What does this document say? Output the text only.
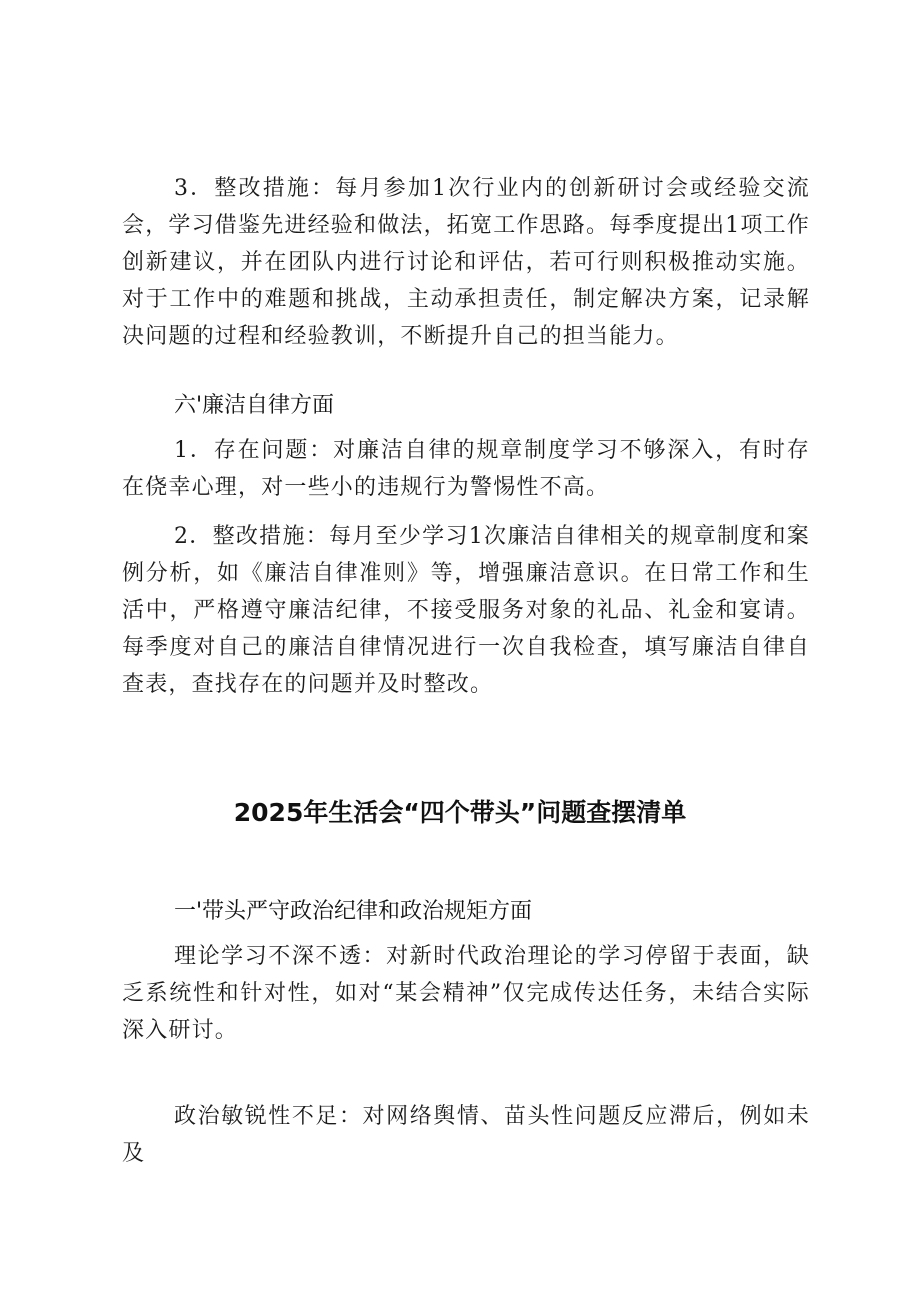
3．整改措施：每月参加1次行业内的创新研讨会或经验交流会，学习借鉴先进经验和做法，拓宽工作思路。每季度提出1项工作创新建议，并在团队内进行讨论和评估，若可行则积极推动实施。对于工作中的难题和挑战，主动承担责任，制定解决方案，记录解决问题的过程和经验教训，不断提升自己的担当能力。

六'廉洁自律方面

1．存在问题：对廉洁自律的规章制度学习不够深入，有时存在侥幸心理，对一些小的违规行为警惕性不高。

2．整改措施：每月至少学习1次廉洁自律相关的规章制度和案例分析，如《廉洁自律准则》等，增强廉洁意识。在日常工作和生活中，严格遵守廉洁纪律，不接受服务对象的礼品、礼金和宴请。每季度对自己的廉洁自律情况进行一次自我检查，填写廉洁自律自查表，查找存在的问题并及时整改。

2025年生活会“四个带头”问题查摆清单
一'带头严守政治纪律和政治规矩方面

理论学习不深不透：对新时代政治理论的学习停留于表面，缺乏系统性和针对性，如对“某会精神”仅完成传达任务，未结合实际深入研讨。

政治敏锐性不足：对网络舆情、苗头性问题反应滞后，例如未及
